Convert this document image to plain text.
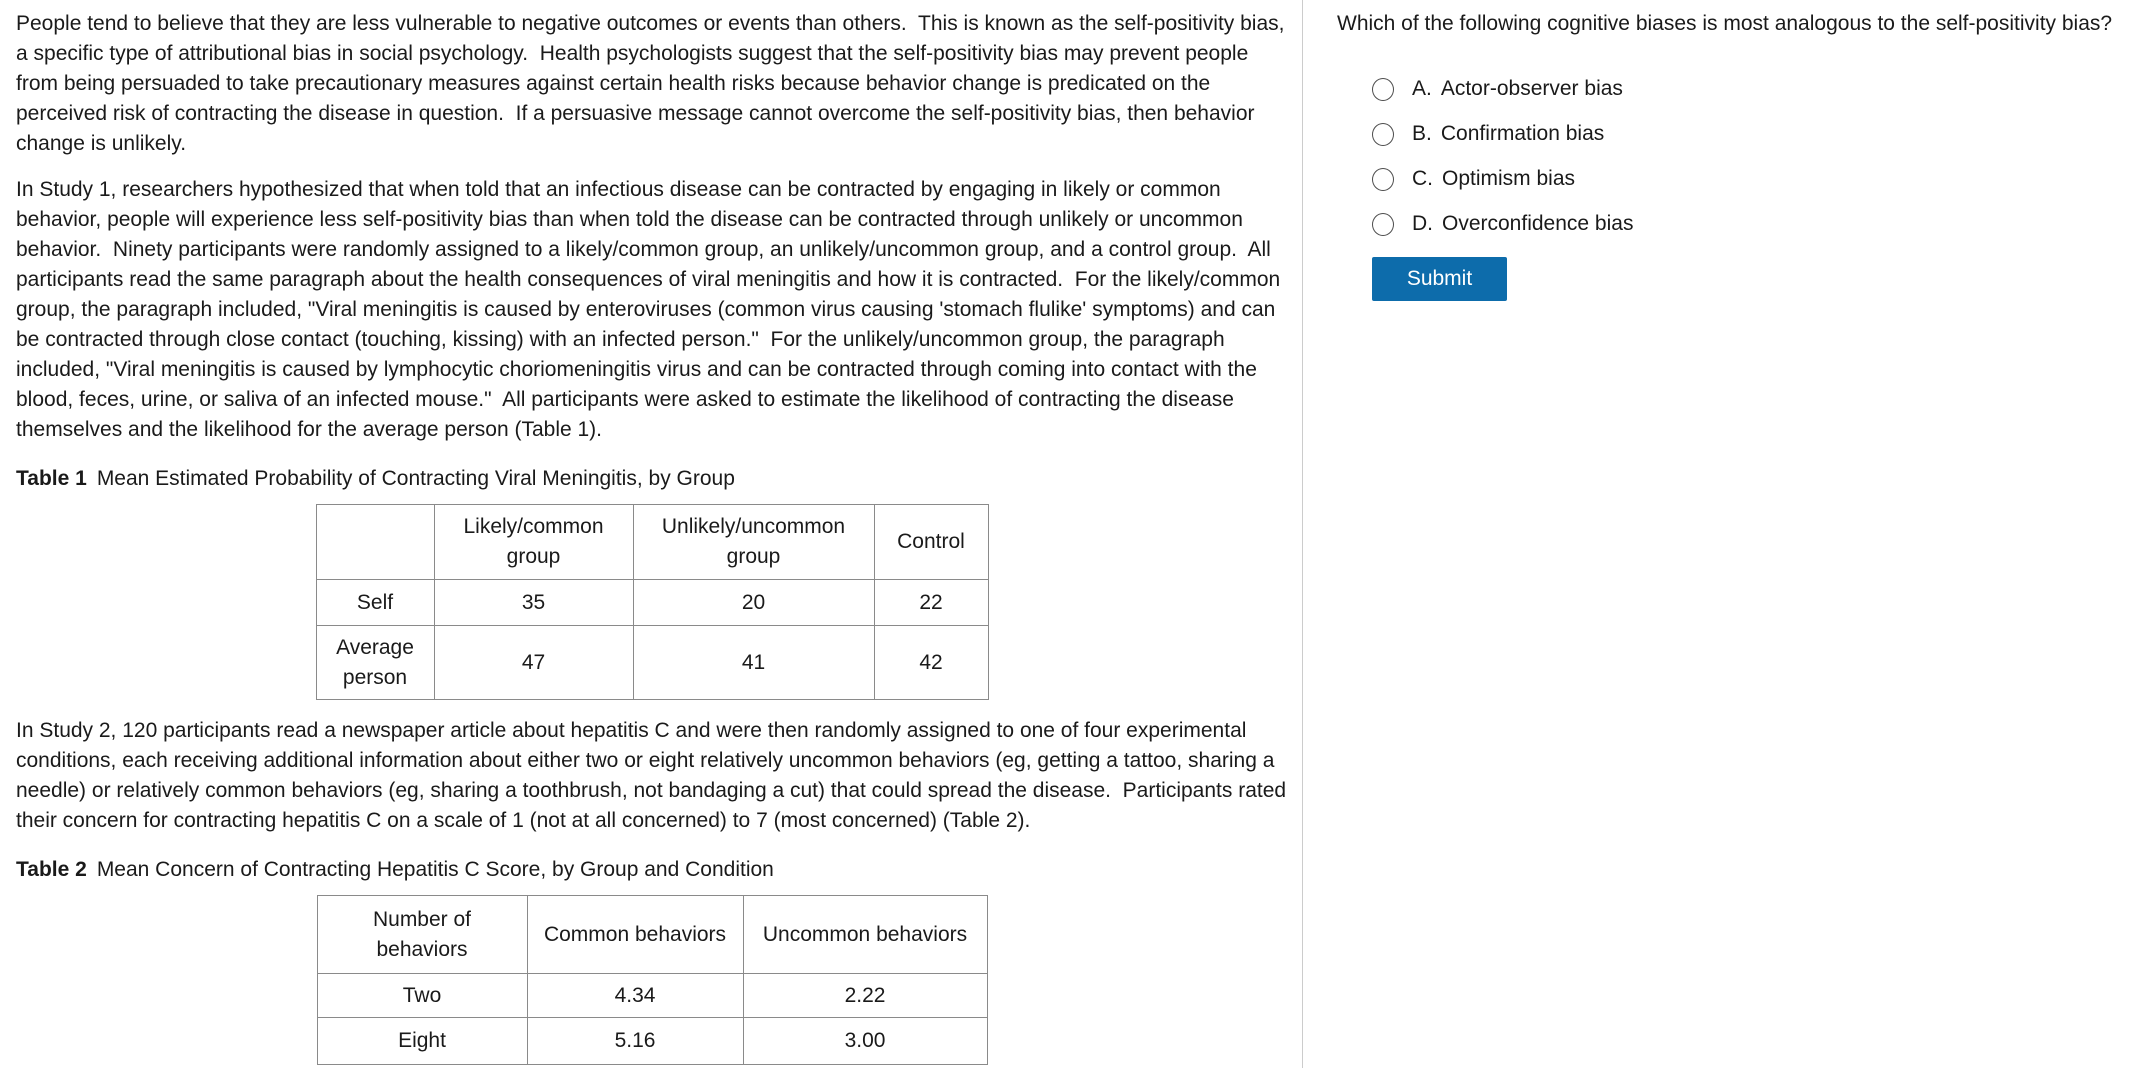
People tend to believe that they are less vulnerable to negative outcomes or events than others.  This is known as the self-positivity bias, a specific type of attributional bias in social psychology.  Health psychologists suggest that the self-positivity bias may prevent people from being persuaded to take precautionary measures against certain health risks because behavior change is predicated on the perceived risk of contracting the disease in question.  If a persuasive message cannot overcome the self-positivity bias, then behavior change is unlikely.

In Study 1, researchers hypothesized that when told that an infectious disease can be contracted by engaging in likely or common behavior, people will experience less self-positivity bias than when told the disease can be contracted through unlikely or uncommon behavior.  Ninety participants were randomly assigned to a likely/common group, an unlikely/uncommon group, and a control group.  All participants read the same paragraph about the health consequences of viral meningitis and how it is contracted.  For the likely/common group, the paragraph included, "Viral meningitis is caused by enteroviruses (common virus causing 'stomach flulike' symptoms) and can be contracted through close contact (touching, kissing) with an infected person."  For the unlikely/uncommon group, the paragraph included, "Viral meningitis is caused by lymphocytic choriomeningitis virus and can be contracted through coming into contact with the blood, feces, urine, or saliva of an infected mouse."  All participants were asked to estimate the likelihood of contracting the disease themselves and the likelihood for the average person (Table 1).

Table 1 Mean Estimated Probability of Contracting Viral Meningitis, by Group
	Likely/common group	Unlikely/uncommon group	Control
Self	35	20	22
Average person	47	41	42

In Study 2, 120 participants read a newspaper article about hepatitis C and were then randomly assigned to one of four experimental conditions, each receiving additional information about either two or eight relatively uncommon behaviors (eg, getting a tattoo, sharing a needle) or relatively common behaviors (eg, sharing a toothbrush, not bandaging a cut) that could spread the disease.  Participants rated their concern for contracting hepatitis C on a scale of 1 (not at all concerned) to 7 (most concerned) (Table 2).

Table 2 Mean Concern of Contracting Hepatitis C Score, by Group and Condition
Number of behaviors	Common behaviors	Uncommon behaviors
Two	4.34	2.22
Eight	5.16	3.00
Which of the following cognitive biases is most analogous to the self-positivity bias?
A. Actor-observer bias
B. Confirmation bias
C. Optimism bias
D. Overconfidence bias
Submit
